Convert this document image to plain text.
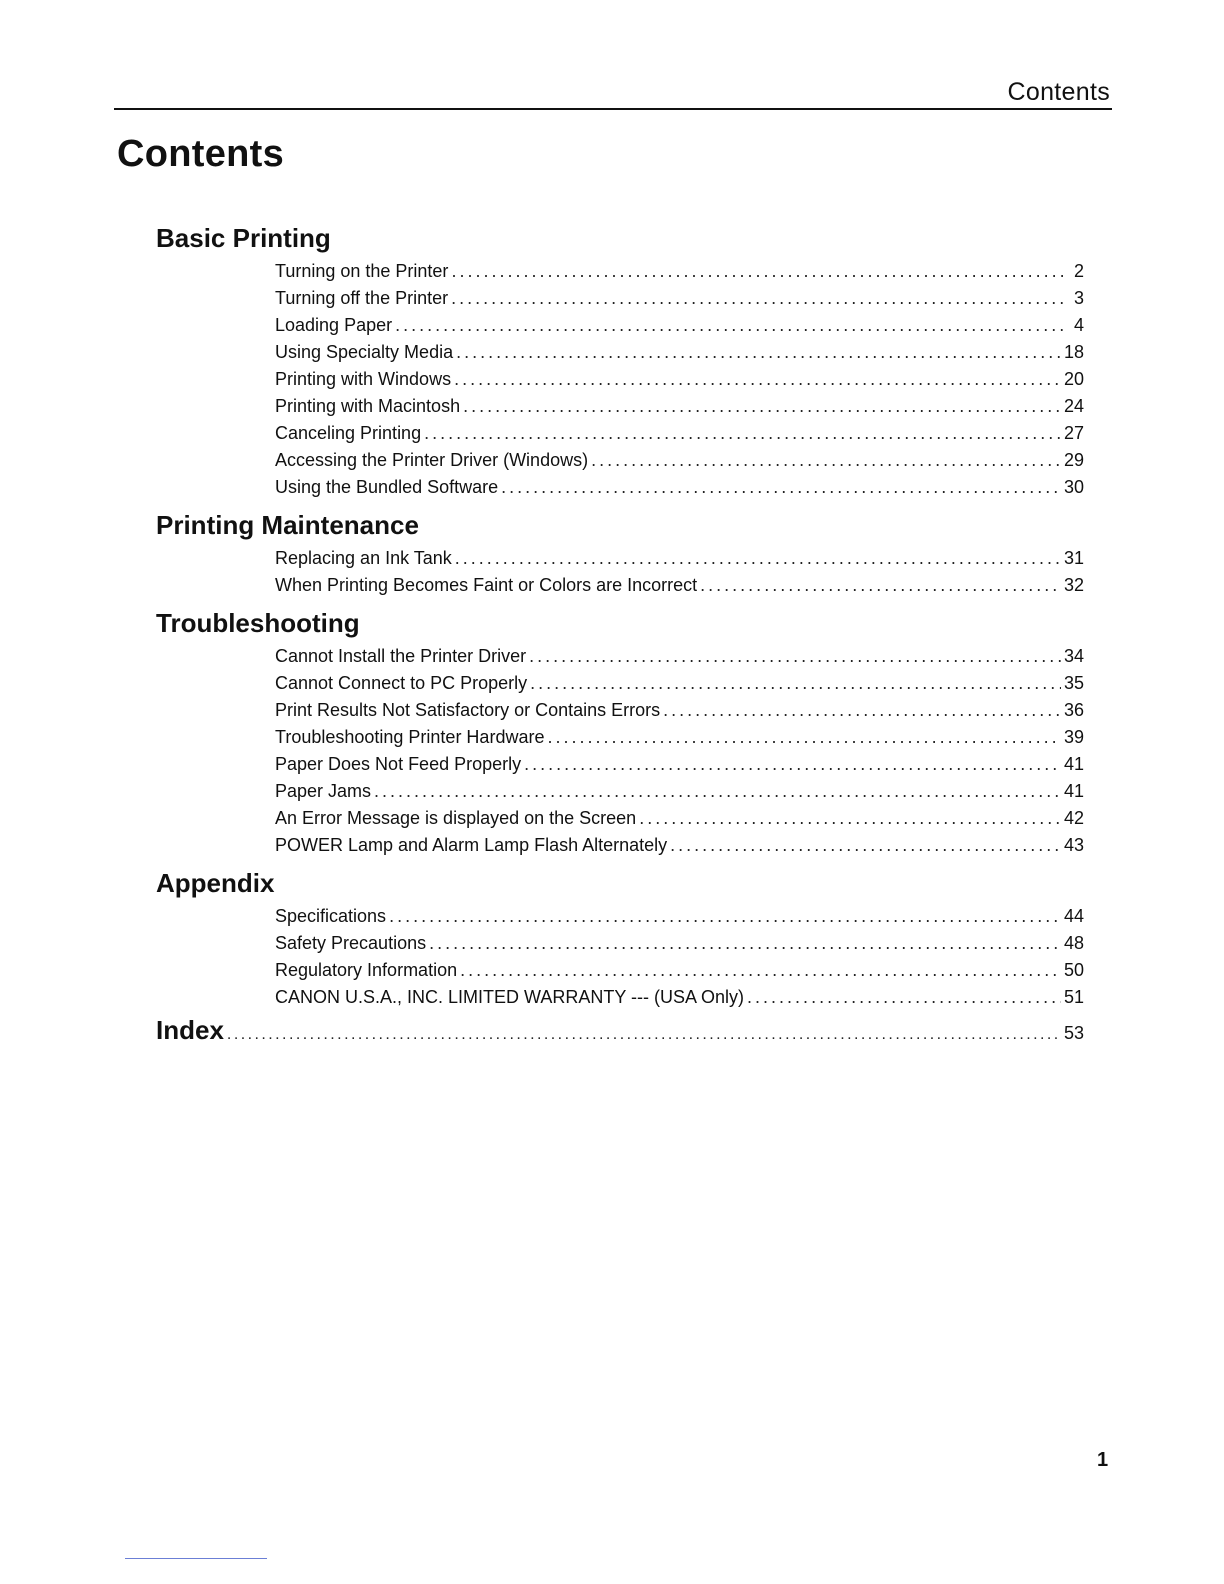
Contents
Contents
Basic Printing
Turning on the Printer . . .	2
Turning off the Printer . . .	3
Loading Paper . . .	4
Using Specialty Media . . .	18
Printing with Windows . . .	20
Printing with Macintosh . . .	24
Canceling Printing . . .	27
Accessing the Printer Driver (Windows) . . .	29
Using the Bundled Software . . .	30
Printing Maintenance
Replacing an Ink Tank . . .	31
When Printing Becomes Faint or Colors are Incorrect . . .	32
Troubleshooting
Cannot Install the Printer Driver . . .	34
Cannot Connect to PC Properly . . .	35
Print Results Not Satisfactory or Contains Errors . . .	36
Troubleshooting Printer Hardware . . .	39
Paper Does Not Feed Properly . . .	41
Paper Jams . . .	41
An Error Message is displayed on the Screen . . .	42
POWER Lamp and Alarm Lamp Flash Alternately . . .	43
Appendix
Specifications . . .	44
Safety Precautions . . .	48
Regulatory Information . . .	50
CANON U.S.A., INC. LIMITED WARRANTY --- (USA Only) . . .	51
Index . . .	53
1
